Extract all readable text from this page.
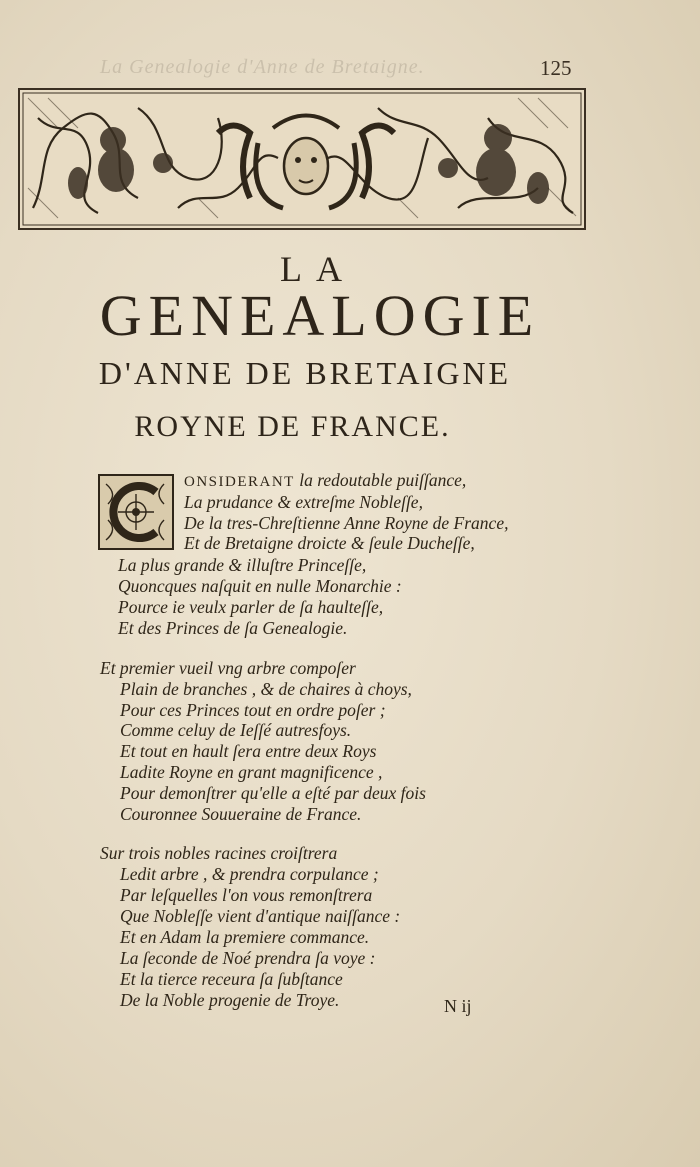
La Genealogie d'Anne de Bretaigne.	125
LA
GENEALOGIE
D'ANNE DE BRETAIGNE
ROYNE DE FRANCE.
ONSIDERANT la redoutable puiſſance,
La prudance & extreſme Nobleſſe,
De la tres-Chreſtienne Anne Royne de France,
Et de Bretaigne droicte & ſeule Ducheſſe,
La plus grande & illuſtre Princeſſe,
Quoncques naſquit en nulle Monarchie :
Pource ie veulx parler de ſa haulteſſe,
Et des Princes de ſa Genealogie.
Et premier vueil vng arbre compoſer
Plain de branches , & de chaires à choys,
Pour ces Princes tout en ordre poſer ;
Comme celuy de Ieſſé autresfoys.
Et tout en hault ſera entre deux Roys
Ladite Royne en grant magnificence ,
Pour demonſtrer qu'elle a eſté par deux fois
Couronnee Souueraine de France.
Sur trois nobles racines croiſtrera
Ledit arbre , & prendra corpulance ;
Par leſquelles l'on vous remonſtrera
Que Nobleſſe vient d'antique naiſſance :
Et en Adam la premiere commance.
La ſeconde de Noé prendra ſa voye :
Et la tierce receura ſa ſubſtance
De la Noble progenie de Troye.	N ij
